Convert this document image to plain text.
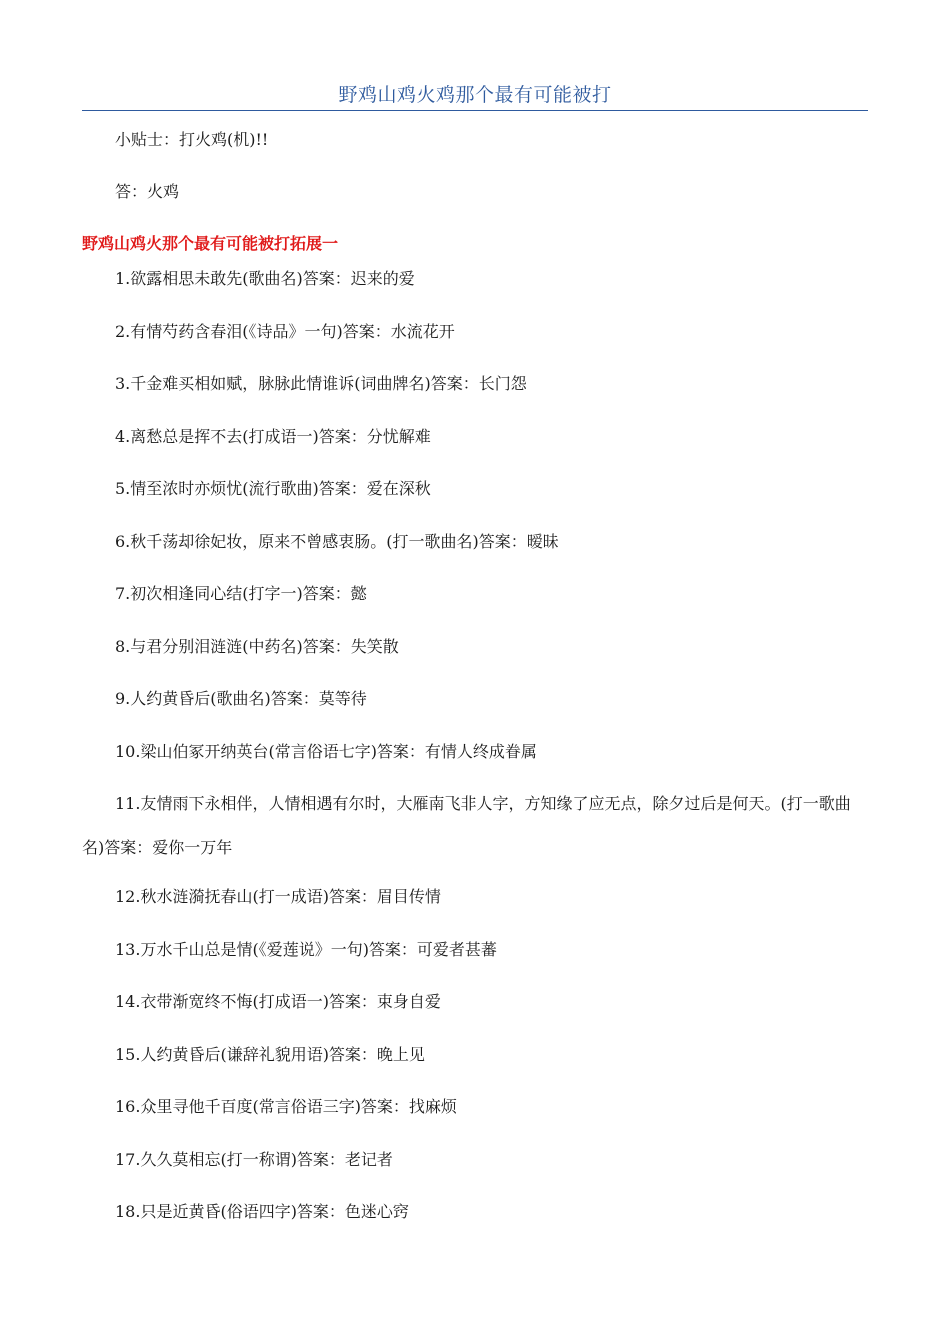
野鸡山鸡火鸡那个最有可能被打

小贴士：打火鸡(机)!!

答：火鸡

野鸡山鸡火那个最有可能被打拓展一

1.欲露相思未敢先(歌曲名)答案：迟来的爱

2.有情芍药含春泪(《诗品》一句)答案：水流花开

3.千金难买相如赋，脉脉此情谁诉(词曲牌名)答案：长门怨

4.离愁总是挥不去(打成语一)答案：分忧解难

5.情至浓时亦烦忧(流行歌曲)答案：爱在深秋

6.秋千荡却徐妃妆，原来不曾感衷肠。(打一歌曲名)答案：暧昧

7.初次相逢同心结(打字一)答案：懿

8.与君分别泪涟涟(中药名)答案：失笑散

9.人约黄昏后(歌曲名)答案：莫等待

10.梁山伯冢开纳英台(常言俗语七字)答案：有情人终成眷属

11.友情雨下永相伴，人情相遇有尔时，大雁南飞非人字，方知缘了应无点，除夕过后是何天。(打一歌曲名)答案：爱你一万年

12.秋水涟漪抚春山(打一成语)答案：眉目传情

13.万水千山总是情(《爱莲说》一句)答案：可爱者甚蕃

14.衣带渐宽终不悔(打成语一)答案：束身自爱

15.人约黄昏后(谦辞礼貌用语)答案：晚上见

16.众里寻他千百度(常言俗语三字)答案：找麻烦

17.久久莫相忘(打一称谓)答案：老记者

18.只是近黄昏(俗语四字)答案：色迷心窍
